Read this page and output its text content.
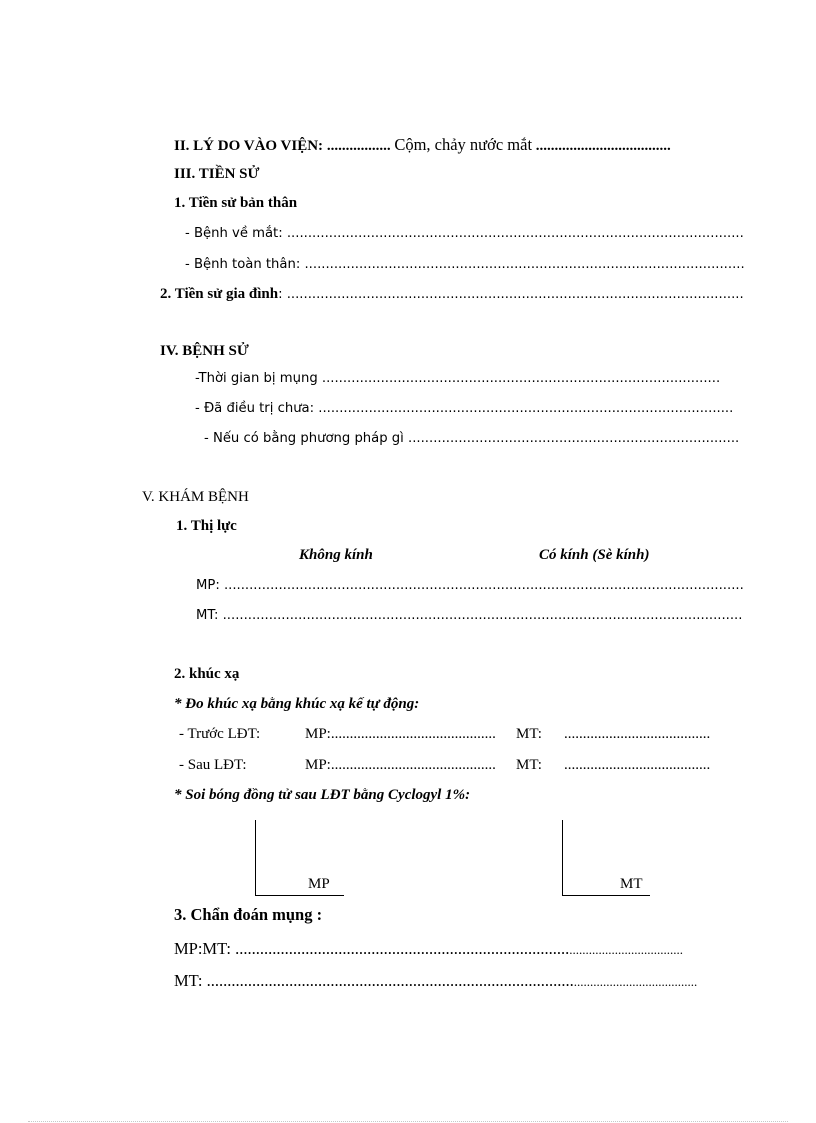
II. LÝ DO VÀO VIỆN: ................. Cộm, chảy nước mắt ....................................
III. TIỀN SỬ
1. Tiền sử bản thân
- Bệnh về mắt: .............................................................................................................
- Bệnh toàn thân: .........................................................................................................
2. Tiền sử gia đình: .............................................................................................................
IV. BỆNH SỬ
-Thời gian bị mụng ...............................................................................................
- Đã điều trị chưa: ...................................................................................................
- Nếu có bằng phương pháp gì ...............................................................................
V. KHÁM BỆNH
1. Thị lực
Không kính	Có kính (Sè kính)
MP: ............................................................................................................................
MT: ............................................................................................................................
2. khúc xạ
* Đo khúc xạ bằng khúc xạ kế tự động:
- Trước LĐT:	MP:............................................ MT: .......................................
- Sau LĐT:	MP:............................................ MT: .......................................
* Soi bóng đồng tử sau LĐT bằng Cyclogyl 1%:
MP	MT
3. Chẩn đoán mụng :
MP:MT: ....................................................................................................................
MT: ...............................................................................................................................
